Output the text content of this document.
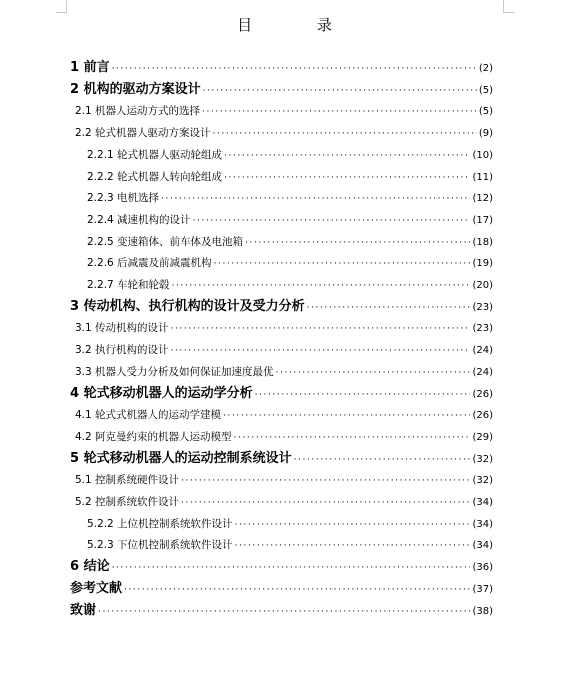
目 录
1 前言 ·····	(2)
2 机构的驱动方案设计 ·····	(5)
2.1 机器人运动方式的选择 ·····	(5)
2.2 轮式机器人驱动方案设计 ·····	(9)
2.2.1 轮式机器人驱动轮组成 ·····	(10)
2.2.2 轮式机器人转向轮组成 ·····	(11)
2.2.3 电机选择 ·····	(12)
2.2.4 减速机构的设计 ·····	(17)
2.2.5 变速箱体、前车体及电池箱 ·····	(18)
2.2.6 后减震及前减震机构 ·····	(19)
2.2.7 车轮和轮毂 ·····	(20)
3 传动机构、执行机构的设计及受力分析 ·····	(23)
3.1 传动机构的设计 ·····	(23)
3.2 执行机构的设计 ·····	(24)
3.3 机器人受力分析及如何保证加速度最优 ·····	(24)
4 轮式移动机器人的运动学分析 ·····	(26)
4.1 轮式式机器人的运动学建模 ·····	(26)
4.2 阿克曼约束的机器人运动模型 ·····	(29)
5 轮式移动机器人的运动控制系统设计 ·····	(32)
5.1 控制系统硬件设计 ·····	(32)
5.2 控制系统软件设计 ·····	(34)
5.2.2 上位机控制系统软件设计 ·····	(34)
5.2.3 下位机控制系统软件设计 ·····	(34)
6 结论 ·····	(36)
参考文献 ·····	(37)
致谢 ·····	(38)
